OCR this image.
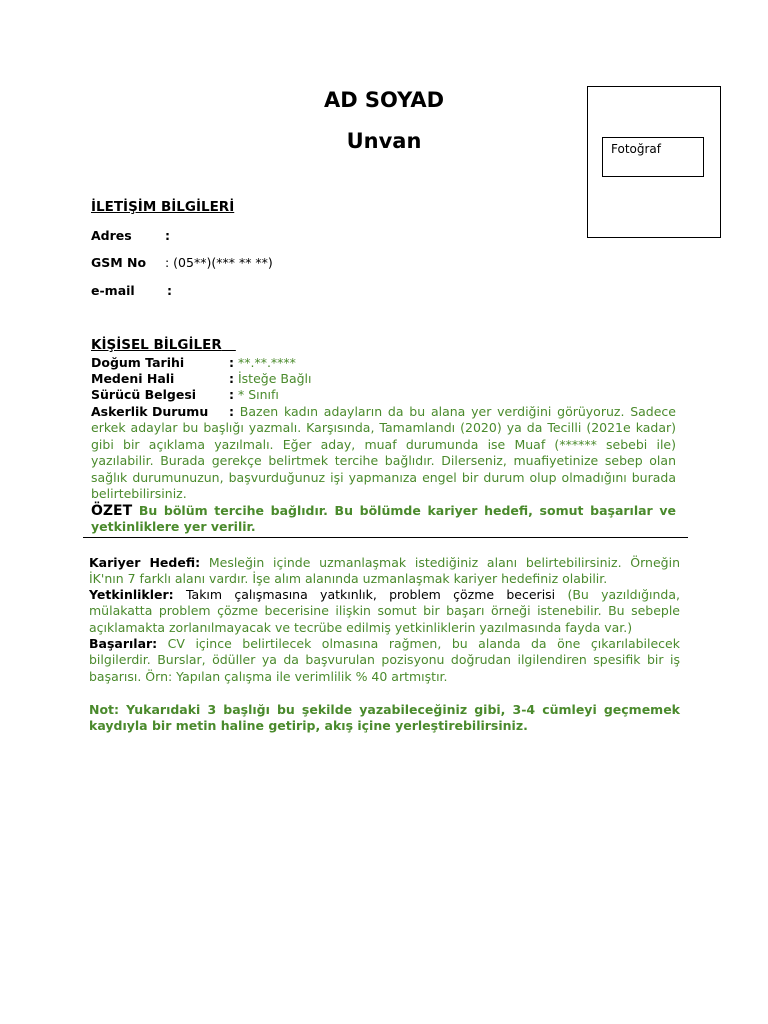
AD SOYAD
Unvan	Fotoğraf
İLETİŞİM BİLGİLERİ
Adres	:
GSM No : (05**)(*** ** **)
e-mail	:
KİŞİSEL BİLGİLER
Doğum Tarihi	: **.**.****
Medeni Hali	: İsteğe Bağlı
Sürücü Belgesi	: * Sınıfı
Askerlik Durumu : Bazen kadın adayların da bu alana yer verdiğini görüyoruz. Sadece erkek adaylar bu başlığı yazmalı. Karşısında, Tamamlandı (2020) ya da Tecilli (2021e kadar) gibi bir açıklama yazılmalı. Eğer aday, muaf durumunda ise Muaf (****** sebebi ile) yazılabilir. Burada gerekçe belirtmek tercihe bağlıdır. Dilerseniz, muafiyetinize sebep olan sağlık durumunuzun, başvurduğunuz işi yapmanıza engel bir durum olup olmadığını burada belirtebilirsiniz.
ÖZET Bu bölüm tercihe bağlıdır. Bu bölümde kariyer hedefi, somut başarılar ve yetkinliklere yer verilir.
Kariyer Hedefi: Mesleğin içinde uzmanlaşmak istediğiniz alanı belirtebilirsiniz. Örneğin İK'nın 7 farklı alanı vardır. İşe alım alanında uzmanlaşmak kariyer hedefiniz olabilir.
Yetkinlikler: Takım çalışmasına yatkınlık, problem çözme becerisi (Bu yazıldığında, mülakatta problem çözme becerisine ilişkin somut bir başarı örneği istenebilir. Bu sebeple açıklamakta zorlanılmayacak ve tecrübe edilmiş yetkinliklerin yazılmasında fayda var.)
Başarılar: CV içince belirtilecek olmasına rağmen, bu alanda da öne çıkarılabilecek bilgilerdir. Burslar, ödüller ya da başvurulan pozisyonu doğrudan ilgilendiren spesifik bir iş başarısı. Örn: Yapılan çalışma ile verimlilik % 40 artmıştır.
Not: Yukarıdaki 3 başlığı bu şekilde yazabileceğiniz gibi, 3-4 cümleyi geçmemek kaydıyla bir metin haline getirip, akış içine yerleştirebilirsiniz.
